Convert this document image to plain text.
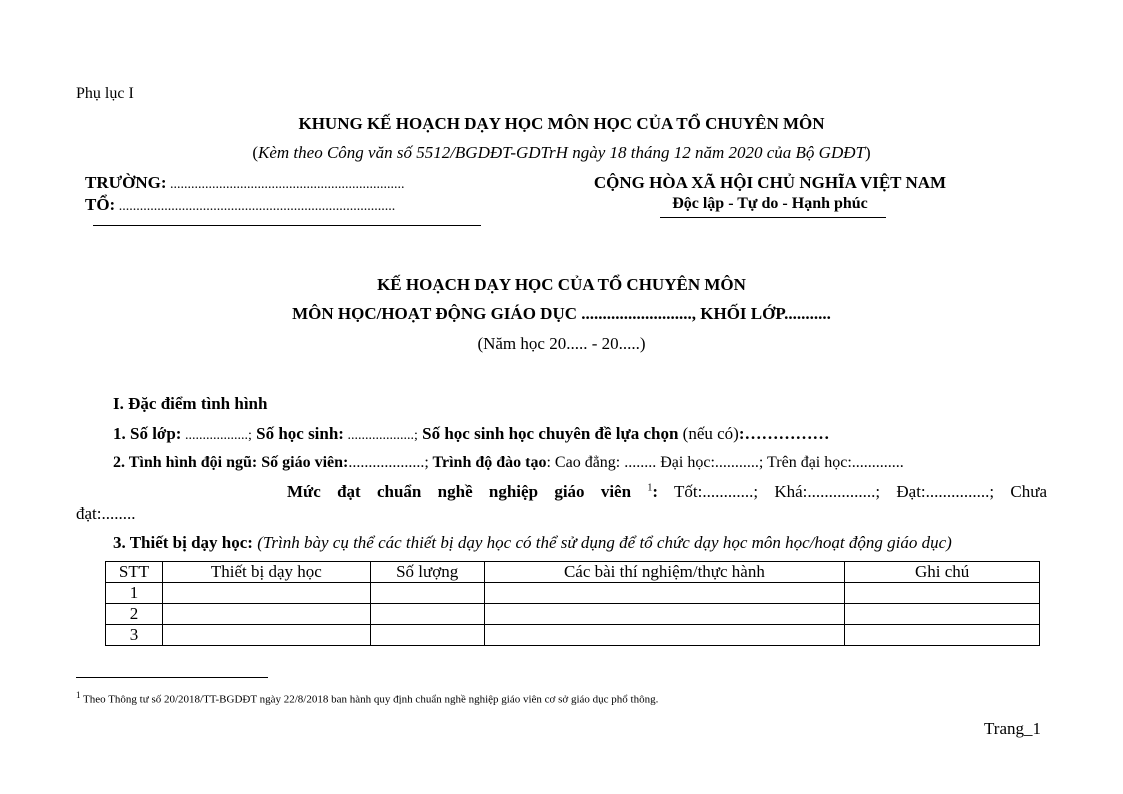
Phụ lục I
KHUNG KẾ HOẠCH DẠY HỌC MÔN HỌC CỦA TỔ CHUYÊN MÔN
(Kèm theo Công văn số 5512/BGDĐT-GDTrH ngày 18 tháng 12 năm 2020 của Bộ GDĐT)
TRƯỜNG: ...................................................................
TỔ: ...............................................................................
CỘNG HÒA XÃ HỘI CHỦ NGHĨA VIỆT NAM
Độc lập - Tự do - Hạnh phúc
KẾ HOẠCH DẠY HỌC CỦA TỔ CHUYÊN MÔN
MÔN HỌC/HOẠT ĐỘNG GIÁO DỤC .........................., KHỐI LỚP...........
(Năm học 20..... - 20.....)
I. Đặc điểm tình hình
1. Số lớp: ..................; Số học sinh: ...................; Số học sinh học chuyên đề lựa chọn (nếu có):……………
2. Tình hình đội ngũ: Số giáo viên:...................; Trình độ đào tạo: Cao đẳng: ........ Đại học:...........; Trên đại học:.............
Mức đạt chuẩn nghề nghiệp giáo viên $^1$: Tốt:............; Khá:................; Đạt:...............; Chưa
đạt:........
3. Thiết bị dạy học: (Trình bày cụ thể các thiết bị dạy học có thể sử dụng để tổ chức dạy học môn học/hoạt động giáo dục)
STT	Thiết bị dạy học	Số lượng	Các bài thí nghiệm/thực hành	Ghi chú
1				
2				
3				
$^1$ Theo Thông tư số 20/2018/TT-BGDĐT ngày 22/8/2018 ban hành quy định chuẩn nghề nghiệp giáo viên cơ sở giáo dục phổ thông.
Trang_1
